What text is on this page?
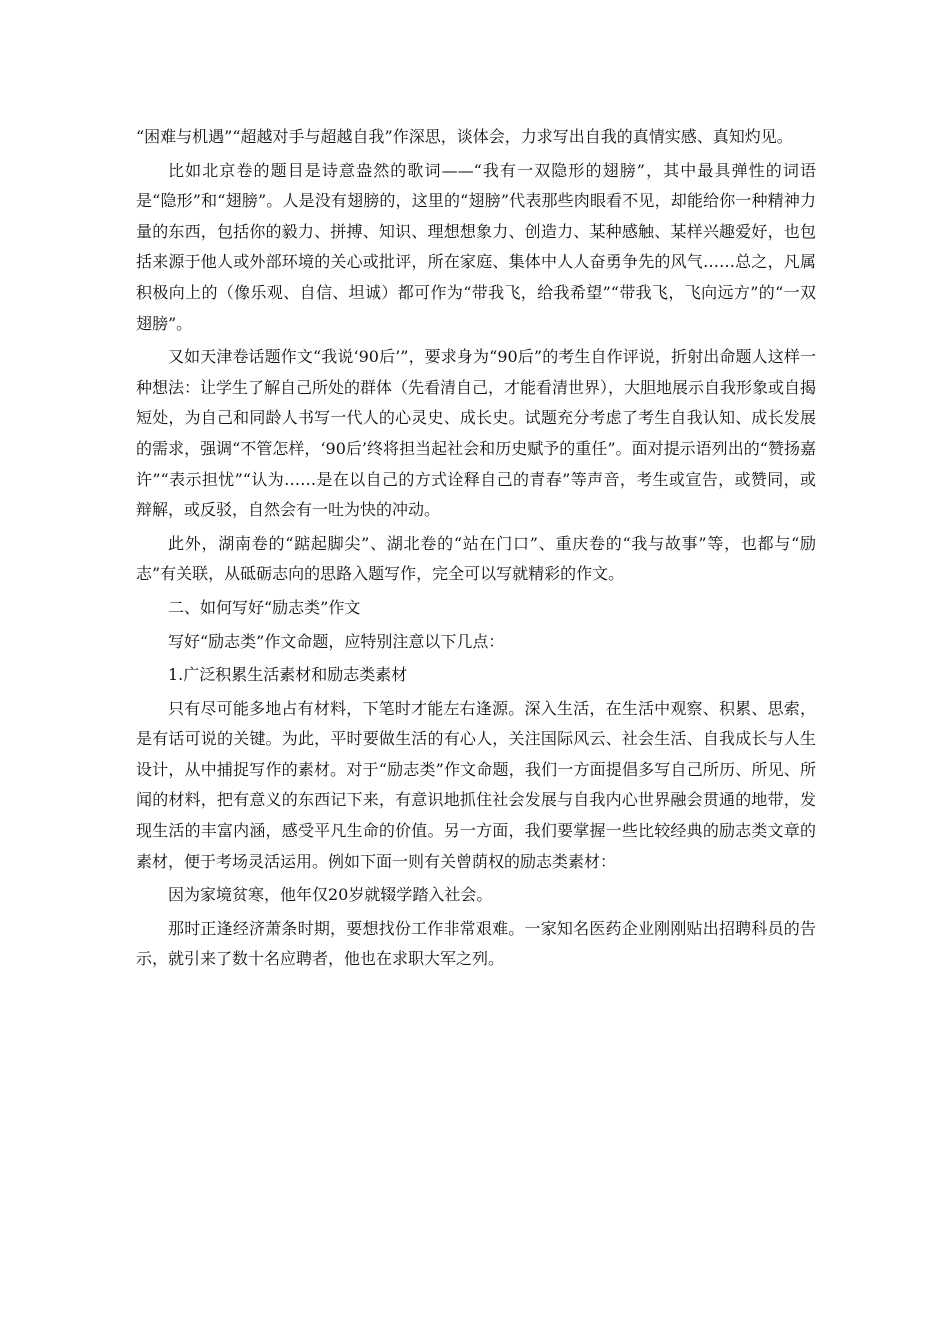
“困难与机遇”“超越对手与超越自我”作深思，谈体会，力求写出自我的真情实感、真知灼见。

比如北京卷的题目是诗意盎然的歌词——“我有一双隐形的翅膀”，其中最具弹性的词语是“隐形”和“翅膀”。人是没有翅膀的，这里的“翅膀”代表那些肉眼看不见，却能给你一种精神力量的东西，包括你的毅力、拼搏、知识、理想想象力、创造力、某种感触、某样兴趣爱好，也包括来源于他人或外部环境的关心或批评，所在家庭、集体中人人奋勇争先的风气……总之，凡属积极向上的（像乐观、自信、坦诚）都可作为“带我飞，给我希望”“带我飞，飞向远方”的“一双翅膀”。

又如天津卷话题作文“我说‘90后’”，要求身为“90后”的考生自作评说，折射出命题人这样一种想法：让学生了解自己所处的群体（先看清自己，才能看清世界），大胆地展示自我形象或自揭短处，为自己和同龄人书写一代人的心灵史、成长史。试题充分考虑了考生自我认知、成长发展的需求，强调“不管怎样，‘90后’终将担当起社会和历史赋予的重任”。面对提示语列出的“赞扬嘉许”“表示担忧”“认为……是在以自己的方式诠释自己的青春”等声音，考生或宣告，或赞同，或辩解，或反驳，自然会有一吐为快的冲动。

此外，湖南卷的“踮起脚尖”、湖北卷的“站在门口”、重庆卷的“我与故事”等，也都与“励志”有关联，从砥砺志向的思路入题写作，完全可以写就精彩的作文。

二、如何写好“励志类”作文

写好“励志类”作文命题，应特别注意以下几点：

1.广泛积累生活素材和励志类素材

只有尽可能多地占有材料，下笔时才能左右逢源。深入生活，在生活中观察、积累、思索，是有话可说的关键。为此，平时要做生活的有心人，关注国际风云、社会生活、自我成长与人生设计，从中捕捉写作的素材。对于“励志类”作文命题，我们一方面提倡多写自己所历、所见、所闻的材料，把有意义的东西记下来，有意识地抓住社会发展与自我内心世界融会贯通的地带，发现生活的丰富内涵，感受平凡生命的价值。另一方面，我们要掌握一些比较经典的励志类文章的素材，便于考场灵活运用。例如下面一则有关曾荫权的励志类素材：

因为家境贫寒，他年仅20岁就辍学踏入社会。

那时正逢经济萧条时期，要想找份工作非常艰难。一家知名医药企业刚刚贴出招聘科员的告示，就引来了数十名应聘者，他也在求职大军之列。
